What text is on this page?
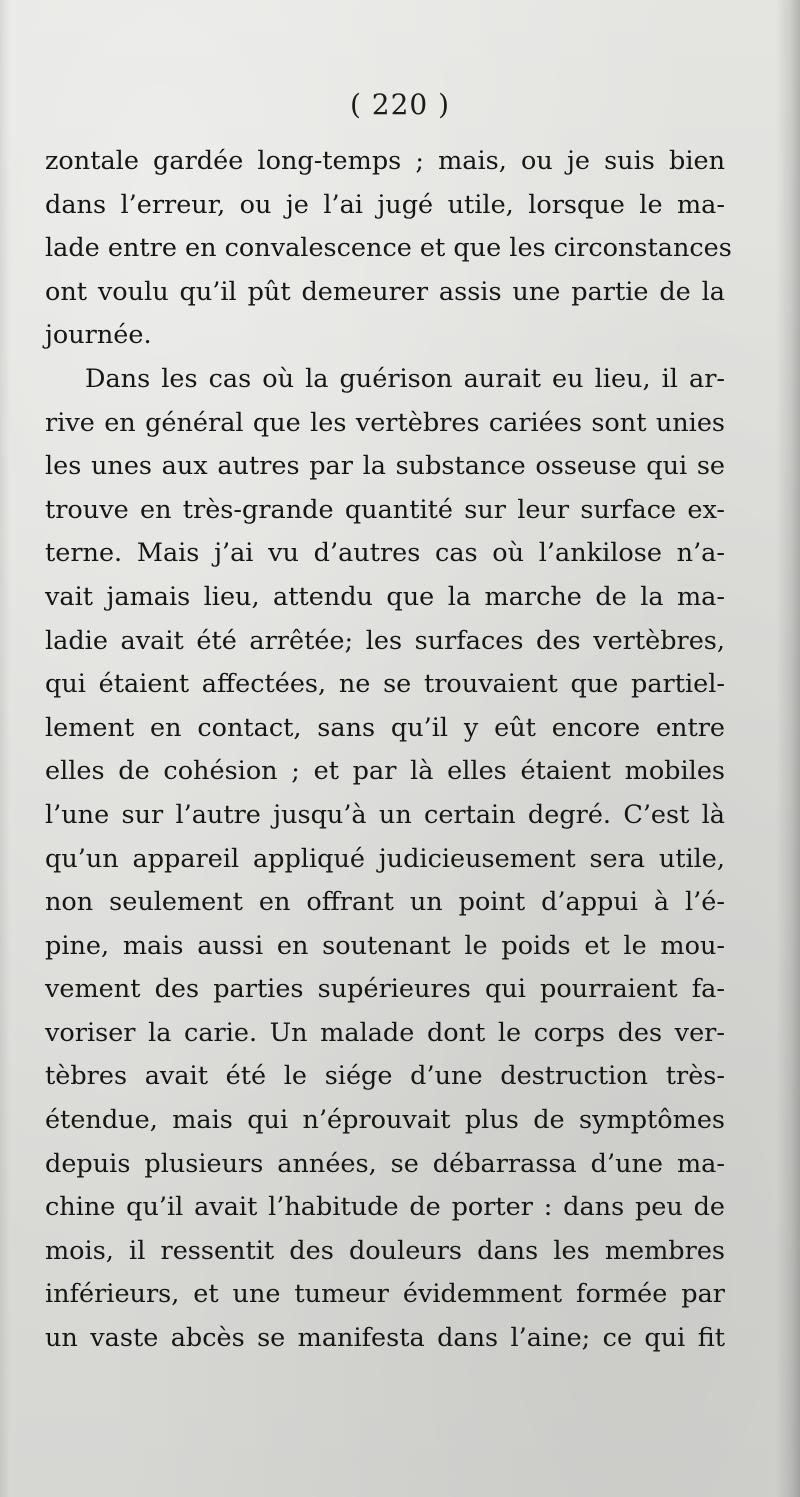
( 220 )
zontale gardée long-temps ; mais, ou je suis bien
dans l’erreur, ou je l’ai jugé utile, lorsque le ma-
lade entre en convalescence et que les circonstances
ont voulu qu’il pût demeurer assis une partie de la
journée.
Dans les cas où la guérison aurait eu lieu, il ar-
rive en général que les vertèbres cariées sont unies
les unes aux autres par la substance osseuse qui se
trouve en très-grande quantité sur leur surface ex-
terne. Mais j’ai vu d’autres cas où l’ankilose n’a-
vait jamais lieu, attendu que la marche de la ma-
ladie avait été arrêtée; les surfaces des vertèbres,
qui étaient affectées, ne se trouvaient que partiel-
lement en contact, sans qu’il y eût encore entre
elles de cohésion ; et par là elles étaient mobiles
l’une sur l’autre jusqu’à un certain degré. C’est là
qu’un appareil appliqué judicieusement sera utile,
non seulement en offrant un point d’appui à l’é-
pine, mais aussi en soutenant le poids et le mou-
vement des parties supérieures qui pourraient fa-
voriser la carie. Un malade dont le corps des ver-
tèbres avait été le siége d’une destruction très-
étendue, mais qui n’éprouvait plus de symptômes
depuis plusieurs années, se débarrassa d’une ma-
chine qu’il avait l’habitude de porter : dans peu de
mois, il ressentit des douleurs dans les membres
inférieurs, et une tumeur évidemment formée par
un vaste abcès se manifesta dans l’aine; ce qui fit
